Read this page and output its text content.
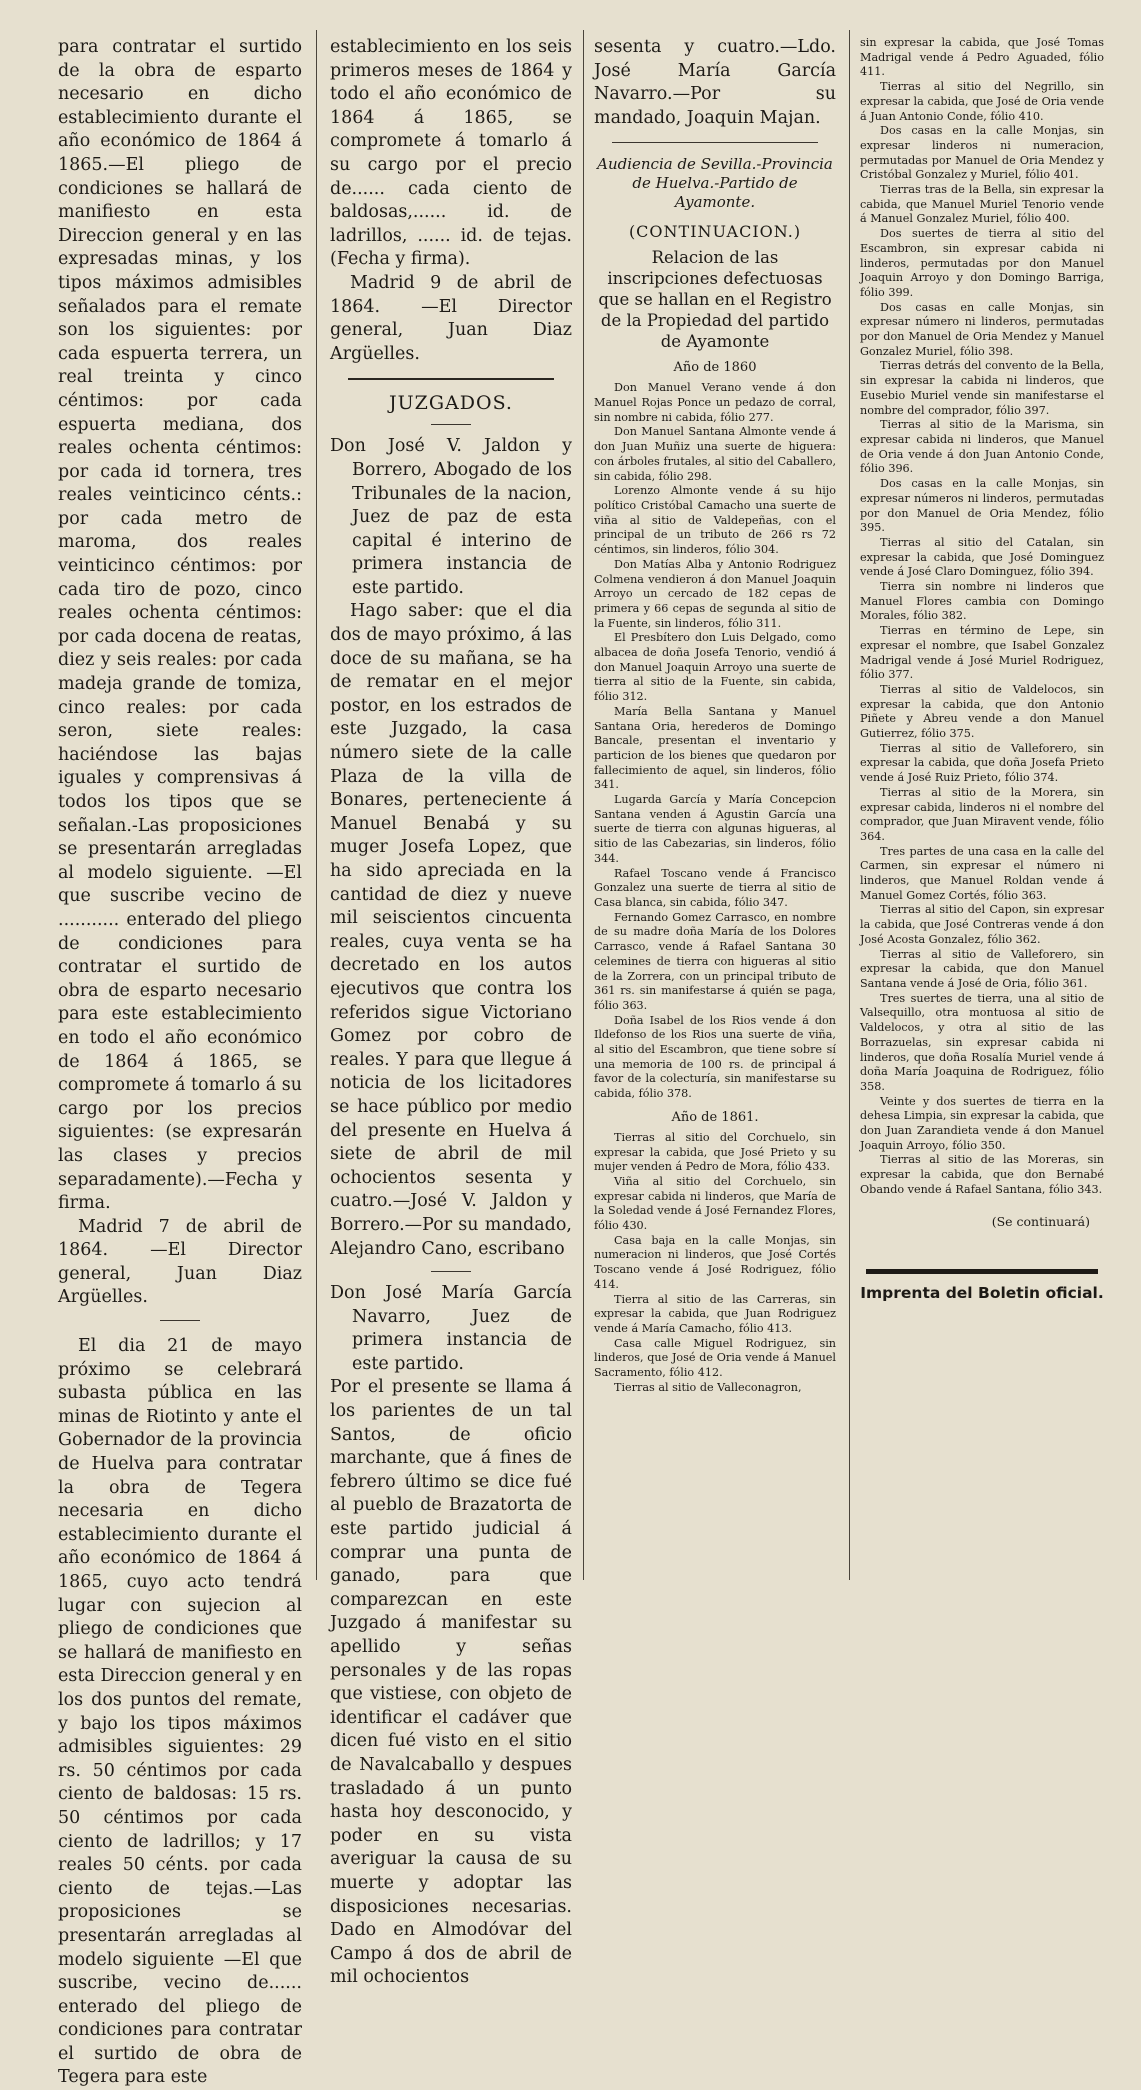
para contratar el surtido de la obra de esparto necesario en dicho establecimiento durante el año económico de 1864 á 1865.—El pliego de condiciones se hallará de manifiesto en esta Direccion general y en las expresadas minas, y los tipos máximos admisibles señalados para el remate son los siguientes: por cada espuerta terrera, un real treinta y cinco céntimos: por cada espuerta mediana, dos reales ochenta céntimos: por cada id tornera, tres reales veinticinco cénts.: por cada metro de maroma, dos reales veinticinco céntimos: por cada tiro de pozo, cinco reales ochenta céntimos: por cada docena de reatas, diez y seis reales: por cada madeja grande de tomiza, cinco reales: por cada seron, siete reales: haciéndose las bajas iguales y comprensivas á todos los tipos que se señalan.-Las proposiciones se presentarán arregladas al modelo siguiente. —El que suscribe vecino de ........... enterado del pliego de condiciones para contratar el surtido de obra de esparto necesario para este establecimiento en todo el año económico de 1864 á 1865, se compromete á tomarlo á su cargo por los precios siguientes: (se expresarán las clases y precios separadamente).—Fecha y firma.

Madrid 7 de abril de 1864. —El Director general, Juan Diaz Argüelles.

El dia 21 de mayo próximo se celebrará subasta pública en las minas de Riotinto y ante el Gobernador de la provincia de Huelva para contratar la obra de Tegera necesaria en dicho establecimiento durante el año económico de 1864 á 1865, cuyo acto tendrá lugar con sujecion al pliego de condiciones que se hallará de manifiesto en esta Direccion general y en los dos puntos del remate, y bajo los tipos máximos admisibles siguientes: 29 rs. 50 céntimos por cada ciento de baldosas: 15 rs. 50 céntimos por cada ciento de ladrillos; y 17 reales 50 cénts. por cada ciento de tejas.—Las proposiciones se presentarán arregladas al modelo siguiente —El que suscribe, vecino de...... enterado del pliego de condiciones para contratar el surtido de obra de Tegera para este

establecimiento en los seis primeros meses de 1864 y todo el año económico de 1864 á 1865, se compromete á tomarlo á su cargo por el precio de...... cada ciento de baldosas,...... id. de ladrillos, ...... id. de tejas. (Fecha y firma).

Madrid 9 de abril de 1864. —El Director general, Juan Diaz Argüelles.

JUZGADOS.

Don José V. Jaldon y Borrero, Abogado de los Tribunales de la nacion, Juez de paz de esta capital é interino de primera instancia de este partido.

Hago saber: que el dia dos de mayo próximo, á las doce de su mañana, se ha de rematar en el mejor postor, en los estrados de este Juzgado, la casa número siete de la calle Plaza de la villa de Bonares, perteneciente á Manuel Benabá y su muger Josefa Lopez, que ha sido apreciada en la cantidad de diez y nueve mil seiscientos cincuenta reales, cuya venta se ha decretado en los autos ejecutivos que contra los referidos sigue Victoriano Gomez por cobro de reales. Y para que llegue á noticia de los licitadores se hace público por medio del presente en Huelva á siete de abril de mil ochocientos sesenta y cuatro.—José V. Jaldon y Borrero.—Por su mandado, Alejandro Cano, escribano

Don José María García Navarro, Juez de primera instancia de este partido.

Por el presente se llama á los parientes de un tal Santos, de oficio marchante, que á fines de febrero último se dice fué al pueblo de Brazatorta de este partido judicial á comprar una punta de ganado, para que comparezcan en este Juzgado á manifestar su apellido y señas personales y de las ropas que vistiese, con objeto de identificar el cadáver que dicen fué visto en el sitio de Navalcaballo y despues trasladado á un punto hasta hoy desconocido, y poder en su vista averiguar la causa de su muerte y adoptar las disposiciones necesarias. Dado en Almodóvar del Campo á dos de abril de mil ochocientos

sesenta y cuatro.—Ldo. José María García Navarro.—Por su mandado, Joaquin Majan.

Audiencia de Sevilla.-Provincia de Huelva.-Partido de Ayamonte.

(CONTINUACION.)

Relacion de las inscripciones defectuosas que se hallan en el Registro de la Propiedad del partido de Ayamonte

Año de 1860

Don Manuel Verano vende á don Manuel Rojas Ponce un pedazo de corral, sin nombre ni cabida, fólio 277.

Don Manuel Santana Almonte vende á don Juan Muñiz una suerte de higuera: con árboles frutales, al sitio del Caballero, sin cabida, fólio 298.

Lorenzo Almonte vende á su hijo político Cristóbal Camacho una suerte de viña al sitio de Valdepeñas, con el principal de un tributo de 266 rs 72 céntimos, sin linderos, fólio 304.

Don Matías Alba y Antonio Rodriguez Colmena vendieron á don Manuel Joaquin Arroyo un cercado de 182 cepas de primera y 66 cepas de segunda al sitio de la Fuente, sin linderos, fólio 311.

El Presbítero don Luis Delgado, como albacea de doña Josefa Tenorio, vendió á don Manuel Joaquin Arroyo una suerte de tierra al sitio de la Fuente, sin cabida, fólio 312.

María Bella Santana y Manuel Santana Oria, herederos de Domingo Bancale, presentan el inventario y particion de los bienes que quedaron por fallecimiento de aquel, sin linderos, fólio 341.

Lugarda García y María Concepcion Santana venden á Agustin García una suerte de tierra con algunas higueras, al sitio de las Cabezarias, sin linderos, fólio 344.

Rafael Toscano vende á Francisco Gonzalez una suerte de tierra al sitio de Casa blanca, sin cabida, fólio 347.

Fernando Gomez Carrasco, en nombre de su madre doña María de los Dolores Carrasco, vende á Rafael Santana 30 celemines de tierra con higueras al sitio de la Zorrera, con un principal tributo de 361 rs. sin manifestarse á quién se paga, fólio 363.

Doña Isabel de los Rios vende á don Ildefonso de los Rios una suerte de viña, al sitio del Escambron, que tiene sobre sí una memoria de 100 rs. de principal á favor de la colecturía, sin manifestarse su cabida, fólio 378.

Año de 1861.

Tierras al sitio del Corchuelo, sin expresar la cabida, que José Prieto y su mujer venden á Pedro de Mora, fólio 433.

Viña al sitio del Corchuelo, sin expresar cabida ni linderos, que María de la Soledad vende á José Fernandez Flores, fólio 430.

Casa baja en la calle Monjas, sin numeracion ni linderos, que José Cortés Toscano vende á José Rodriguez, fólio 414.

Tierra al sitio de las Carreras, sin expresar la cabida, que Juan Rodriguez vende á María Camacho, fólio 413.

Casa calle Miguel Rodriguez, sin linderos, que José de Oria vende á Manuel Sacramento, fólio 412.

Tierras al sitio de Valleconagron,

sin expresar la cabida, que José Tomas Madrigal vende á Pedro Aguaded, fólio 411.

Tierras al sitio del Negrillo, sin expresar la cabida, que José de Oria vende á Juan Antonio Conde, fólio 410.

Dos casas en la calle Monjas, sin expresar linderos ni numeracion, permutadas por Manuel de Oria Mendez y Cristóbal Gonzalez y Muriel, fólio 401.

Tierras tras de la Bella, sin expresar la cabida, que Manuel Muriel Tenorio vende á Manuel Gonzalez Muriel, fólio 400.

Dos suertes de tierra al sitio del Escambron, sin expresar cabida ni linderos, permutadas por don Manuel Joaquin Arroyo y don Domingo Barriga, fólio 399.

Dos casas en calle Monjas, sin expresar número ni linderos, permutadas por don Manuel de Oria Mendez y Manuel Gonzalez Muriel, fólio 398.

Tierras detrás del convento de la Bella, sin expresar la cabida ni linderos, que Eusebio Muriel vende sin manifestarse el nombre del comprador, fólio 397.

Tierras al sitio de la Marisma, sin expresar cabida ni linderos, que Manuel de Oria vende á don Juan Antonio Conde, fólio 396.

Dos casas en la calle Monjas, sin expresar números ni linderos, permutadas por don Manuel de Oria Mendez, fólio 395.

Tierras al sitio del Catalan, sin expresar la cabida, que José Dominguez vende á José Claro Dominguez, fólio 394.

Tierra sin nombre ni linderos que Manuel Flores cambia con Domingo Morales, fólio 382.

Tierras en término de Lepe, sin expresar el nombre, que Isabel Gonzalez Madrigal vende á José Muriel Rodriguez, fólio 377.

Tierras al sitio de Valdelocos, sin expresar la cabida, que don Antonio Piñete y Abreu vende a don Manuel Gutierrez, fólio 375.

Tierras al sitio de Valleforero, sin expresar la cabida, que doña Josefa Prieto vende á José Ruiz Prieto, fólio 374.

Tierras al sitio de la Morera, sin expresar cabida, linderos ni el nombre del comprador, que Juan Miravent vende, fólio 364.

Tres partes de una casa en la calle del Carmen, sin expresar el número ni linderos, que Manuel Roldan vende á Manuel Gomez Cortés, fólio 363.

Tierras al sitio del Capon, sin expresar la cabida, que José Contreras vende á don José Acosta Gonzalez, fólio 362.

Tierras al sitio de Valleforero, sin expresar la cabida, que don Manuel Santana vende á José de Oria, fólio 361.

Tres suertes de tierra, una al sitio de Valsequillo, otra montuosa al sitio de Valdelocos, y otra al sitio de las Borrazuelas, sin expresar cabida ni linderos, que doña Rosalía Muriel vende á doña María Joaquina de Rodriguez, fólio 358.

Veinte y dos suertes de tierra en la dehesa Limpia, sin expresar la cabida, que don Juan Zarandieta vende á don Manuel Joaquin Arroyo, fólio 350.

Tierras al sitio de las Moreras, sin expresar la cabida, que don Bernabé Obando vende á Rafael Santana, fólio 343.

(Se continuará)
Imprenta del Boletin oficial.
